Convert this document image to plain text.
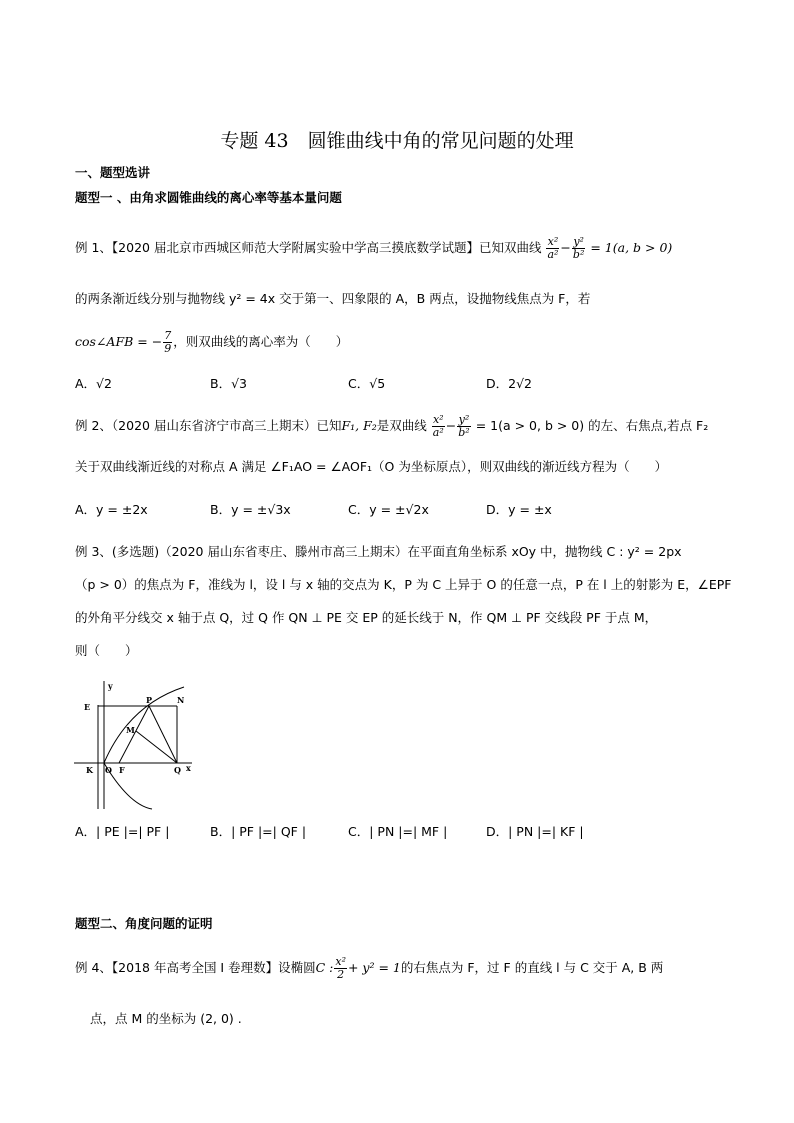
专题 43　圆锥曲线中角的常见问题的处理
一、题型选讲
题型一 、由角求圆锥曲线的离心率等基本量问题
例 1、【2020 届北京市西城区师范大学附属实验中学高三摸底数学试题】已知双曲线 $\frac{\text{x²}}{\text{a²}} - \frac{\text{y²}}{\text{b²}} = 1(a$, b > 0)
的两条渐近线分别与抛物线 y² = 4x 交于第一、四象限的 A，B 两点，设抛物线焦点为 F，若
cos∠AFB = − $\frac{7}{9}$ ，则双曲线的离心率为（　　）
A．√2	B．√3	C．√5	D．2√2
例 2、（2020 届山东省济宁市高三上期末）已知F₁, F₂是双曲线 $\frac{\text{x²}}{\text{a²}} - \frac{\text{y²}}{\text{b²}} = 1(a > 0$, b > 0) 的左、右焦点,若点 F₂
关于双曲线渐近线的对称点 A 满足 ∠F₁AO = ∠AOF₁（O 为坐标原点），则双曲线的渐近线方程为（　　）
A．y = ±2x	B．y = ±√3x	C．y = ±√2x	D．y = ±x
例 3、(多选题)（2020 届山东省枣庄、滕州市高三上期末）在平面直角坐标系 xOy 中，抛物线 C : y² = 2px
（p > 0）的焦点为 F，准线为 l，设 l 与 x 轴的交点为 K，P 为 C 上异于 O 的任意一点，P 在 l 上的射影为 E，∠EPF
的外角平分线交 x 轴于点 Q，过 Q 作 QN ⊥ PE 交 EP 的延长线于 N，作 QM ⊥ PF 交线段 PF 于点 M，
则（　　）
y
x
E
P	N
M
K O F	Q
A．| PE |=| PF |	B．| PF |=| QF |	C．| PN |=| MF |	D．| PN |=| KF |
题型二、角度问题的证明
例 4、【2018 年高考全国 I 卷理数】设椭圆C : $\frac{\text{x²}}{2} + y^2 = 1$的右焦点为 F，过 F 的直线 l 与 C 交于 A, B 两
点，点 M 的坐标为 (2, 0) .
